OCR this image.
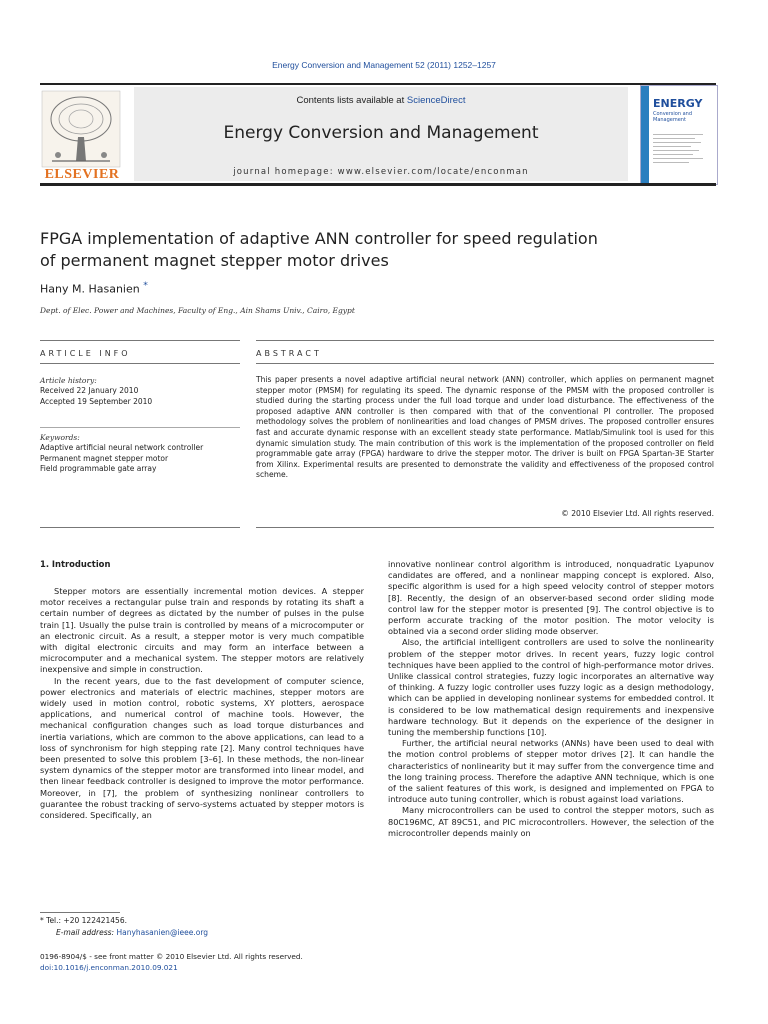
Energy Conversion and Management 52 (2011) 1252–1257
ELSEVIER
Contents lists available at ScienceDirect
Energy Conversion and Management
journal homepage: www.elsevier.com/locate/enconman
ENERGY
Conversion and Management
FPGA implementation of adaptive ANN controller for speed regulation
of permanent magnet stepper motor drives
Hany M. Hasanien *
Dept. of Elec. Power and Machines, Faculty of Eng., Ain Shams Univ., Cairo, Egypt
ARTICLE INFO	ABSTRACT
Article history:
Received 22 January 2010
Accepted 19 September 2010
Keywords:
Adaptive artificial neural network controller
Permanent magnet stepper motor
Field programmable gate array
This paper presents a novel adaptive artificial neural network (ANN) controller, which applies on permanent magnet stepper motor (PMSM) for regulating its speed. The dynamic response of the PMSM with the proposed controller is studied during the starting process under the full load torque and under load disturbance. The effectiveness of the proposed adaptive ANN controller is then compared with that of the conventional PI controller. The proposed methodology solves the problem of nonlinearities and load changes of PMSM drives. The proposed controller ensures fast and accurate dynamic response with an excellent steady state performance. Matlab/Simulink tool is used for this dynamic simulation study. The main contribution of this work is the implementation of the proposed controller on field programmable gate array (FPGA) hardware to drive the stepper motor. The driver is built on FPGA Spartan-3E Starter from Xilinx. Experimental results are presented to demonstrate the validity and effectiveness of the proposed control scheme.
© 2010 Elsevier Ltd. All rights reserved.
1. Introduction

Stepper motors are essentially incremental motion devices. A stepper motor receives a rectangular pulse train and responds by rotating its shaft a certain number of degrees as dictated by the number of pulses in the pulse train [1]. Usually the pulse train is controlled by means of a microcomputer or an electronic circuit. As a result, a stepper motor is very much compatible with digital electronic circuits and may form an interface between a microcomputer and a mechanical system. The stepper motors are relatively inexpensive and simple in construction.

In the recent years, due to the fast development of computer science, power electronics and materials of electric machines, stepper motors are widely used in motion control, robotic systems, XY plotters, aerospace applications, and numerical control of machine tools. However, the mechanical configuration changes such as load torque disturbances and inertia variations, which are common to the above applications, can lead to a loss of synchronism for high stepping rate [2]. Many control techniques have been presented to solve this problem [3–6]. In these methods, the non-linear system dynamics of the stepper motor are transformed into linear model, and then linear feedback controller is designed to improve the motor performance. Moreover, in [7], the problem of synthesizing nonlinear controllers to guarantee the robust tracking of servo-systems actuated by stepper motors is considered. Specifically, an

innovative nonlinear control algorithm is introduced, nonquadratic Lyapunov candidates are offered, and a nonlinear mapping concept is explored. Also, specific algorithm is used for a high speed velocity control of stepper motors [8]. Recently, the design of an observer-based second order sliding mode control law for the stepper motor is presented [9]. The control objective is to perform accurate tracking of the motor position. The motor velocity is obtained via a second order sliding mode observer.

Also, the artificial intelligent controllers are used to solve the nonlinearity problem of the stepper motor drives. In recent years, fuzzy logic control techniques have been applied to the control of high-performance motor drives. Unlike classical control strategies, fuzzy logic incorporates an alternative way of thinking. A fuzzy logic controller uses fuzzy logic as a design methodology, which can be applied in developing nonlinear systems for embedded control. It is considered to be low mathematical design requirements and inexpensive hardware technology. But it depends on the experience of the designer in tuning the membership functions [10].

Further, the artificial neural networks (ANNs) have been used to deal with the motion control problems of stepper motor drives [2]. It can handle the characteristics of nonlinearity but it may suffer from the convergence time and the long training process. Therefore the adaptive ANN technique, which is one of the salient features of this work, is designed and implemented on FPGA to introduce auto tuning controller, which is robust against load variations.

Many microcontrollers can be used to control the stepper motors, such as 80C196MC, AT 89C51, and PIC microcontrollers. However, the selection of the microcontroller depends mainly on

* Tel.: +20 122421456.
E-mail address: Hanyhasanien@ieee.org
0196-8904/$ - see front matter © 2010 Elsevier Ltd. All rights reserved.
doi:10.1016/j.enconman.2010.09.021
